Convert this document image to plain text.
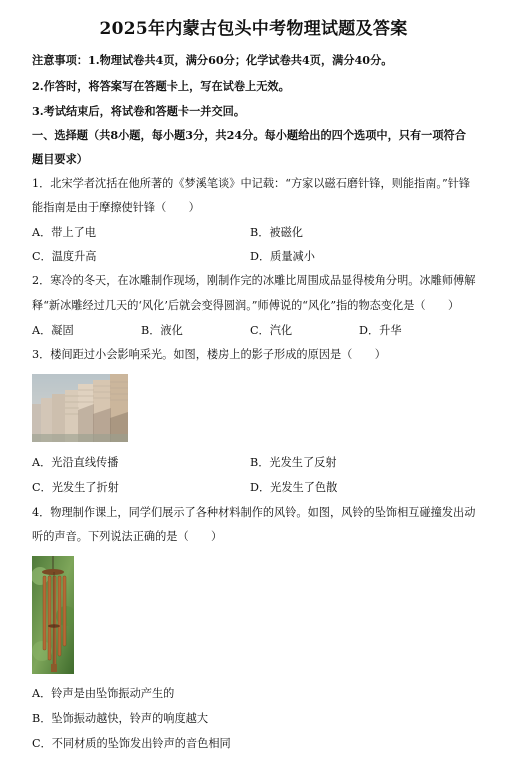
2025年内蒙古包头中考物理试题及答案
注意事项：1.物理试卷共4页，满分60分；化学试卷共4页，满分40分。
2.作答时，将答案写在答题卡上，写在试卷上无效。
3.考试结束后，将试卷和答题卡一并交回。
一、选择题（共8小题，每小题3分，共24分。每小题给出的四个选项中，只有一项符合
题目要求）
1．北宋学者沈括在他所著的《梦溪笔谈》中记载：“方家以磁石磨针锋，则能指南。”针锋
能指南是由于摩擦使针锋（　　）
A．带上了电	B．被磁化
C．温度升高	D．质量减小
2．寒冷的冬天，在冰雕制作现场，刚制作完的冰雕比周围成品显得棱角分明。冰雕师傅解
释“新冰雕经过几天的‘风化’后就会变得圆润。”师傅说的“风化”指的物态变化是（　　）
A．凝固	B．液化	C．汽化	D．升华
3．楼间距过小会影响采光。如图，楼房上的影子形成的原因是（　　）
A．光沿直线传播	B．光发生了反射
C．光发生了折射	D．光发生了色散
4．物理制作课上，同学们展示了各种材料制作的风铃。如图，风铃的坠饰相互碰撞发出动
听的声音。下列说法正确的是（　　）
A．铃声是由坠饰振动产生的
B．坠饰振动越快，铃声的响度越大
C．不同材质的坠饰发出铃声的音色相同
